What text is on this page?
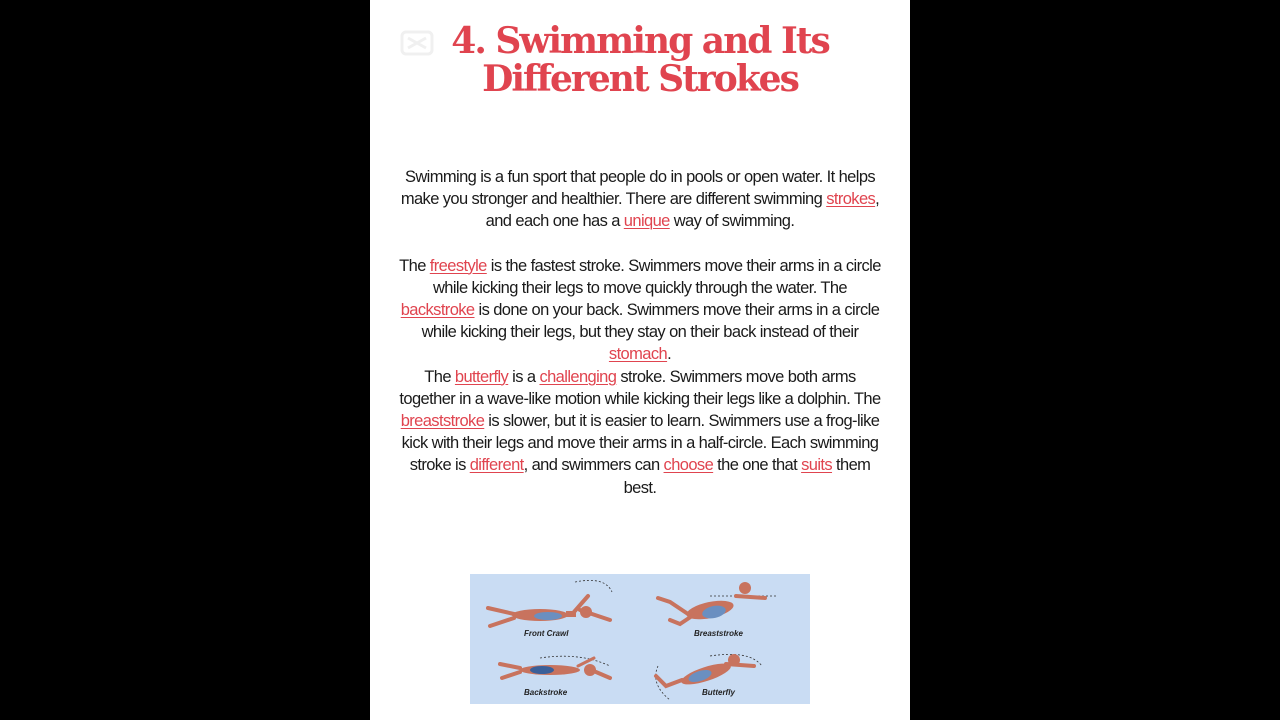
4. Swimming and Its
Different Strokes

Swimming is a fun sport that people do in pools or open water. It helps make you stronger and healthier. There are different swimming strokes, and each one has a unique way of swimming.

The freestyle is the fastest stroke. Swimmers move their arms in a circle while kicking their legs to move quickly through the water. The backstroke is done on your back. Swimmers move their arms in a circle while kicking their legs, but they stay on their back instead of their stomach.

The butterfly is a challenging stroke. Swimmers move both arms together in a wave-like motion while kicking their legs like a dolphin. The breaststroke is slower, but it is easier to learn. Swimmers use a frog-like kick with their legs and move their arms in a half-circle. Each swimming stroke is different, and swimmers can choose the one that suits them best.

Front Crawl	Breaststroke
Backstroke	Butterfly
